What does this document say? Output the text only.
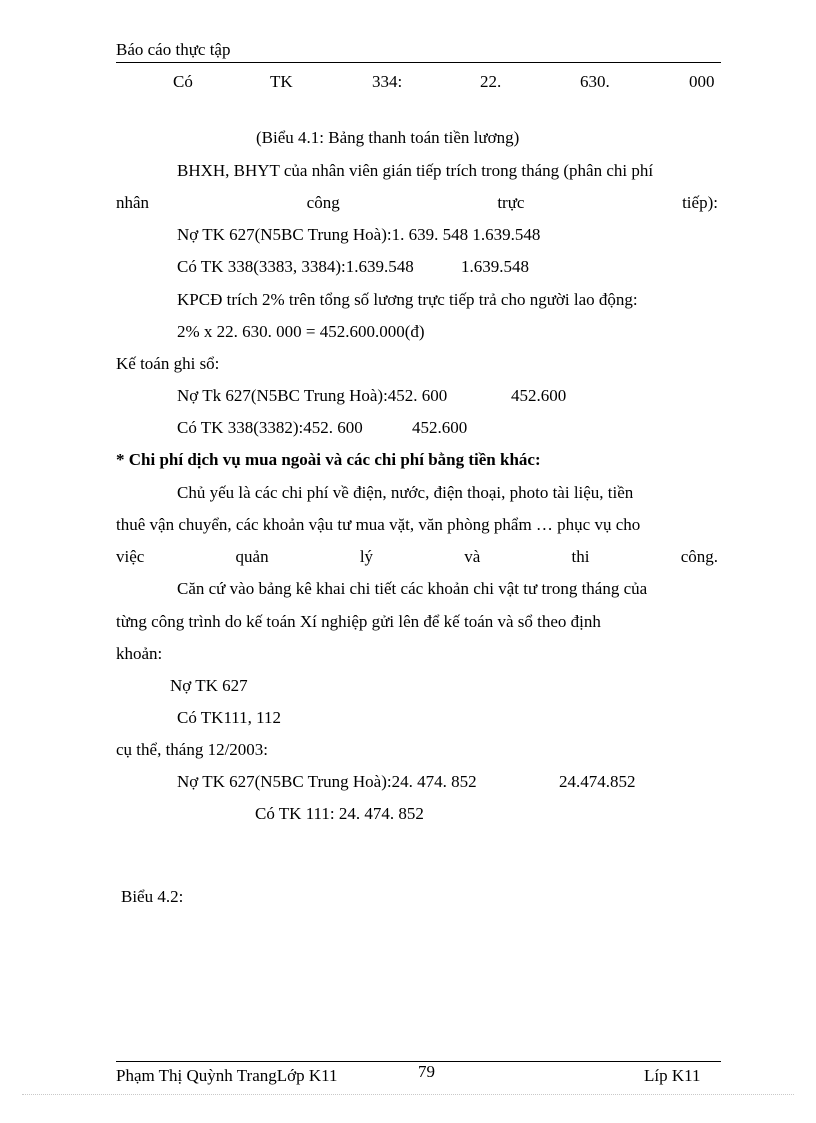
Báo cáo thực tập
Có	TK	334:	22.	630.	000
(Biểu 4.1: Bảng thanh toán tiền lương)
BHXH, BHYT của nhân viên gián tiếp trích trong tháng (phân chi phí
nhân	công	trực	tiếp):
Nợ TK 627(N5BC Trung Hoà):1. 639. 548 1.639.548
Có TK 338(3383, 3384):1.639.548	1.639.548
KPCĐ trích 2% trên tổng số lương trực tiếp trả cho người lao động:
2% x 22. 630. 000 = 452.600.000(đ)
Kế toán ghi sổ:
Nợ Tk 627(N5BC Trung Hoà):452. 600	452.600
Có TK 338(3382):452. 600	452.600
* Chi phí dịch vụ mua ngoài và các chi phí bằng tiền khác:
Chủ yếu là các chi phí về điện, nước, điện thoại, photo tài liệu, tiền
thuê vận chuyển, các khoản vậu tư mua vặt, văn phòng phẩm … phục vụ cho
việc	quản	lý	và	thi	công.
Căn cứ vào bảng kê khai chi tiết các khoản chi vật tư trong tháng của
từng công trình do kế toán Xí nghiệp gửi lên để kế toán và sổ theo định
khoản:
Nợ TK 627
Có TK111, 112
cụ thể, tháng 12/2003:
Nợ TK 627(N5BC Trung Hoà):24. 474. 852	24.474.852
Có TK 111: 24. 474. 852
Biểu 4.2:
Phạm Thị Quỳnh TrangLớp K11	79	Líp K11
